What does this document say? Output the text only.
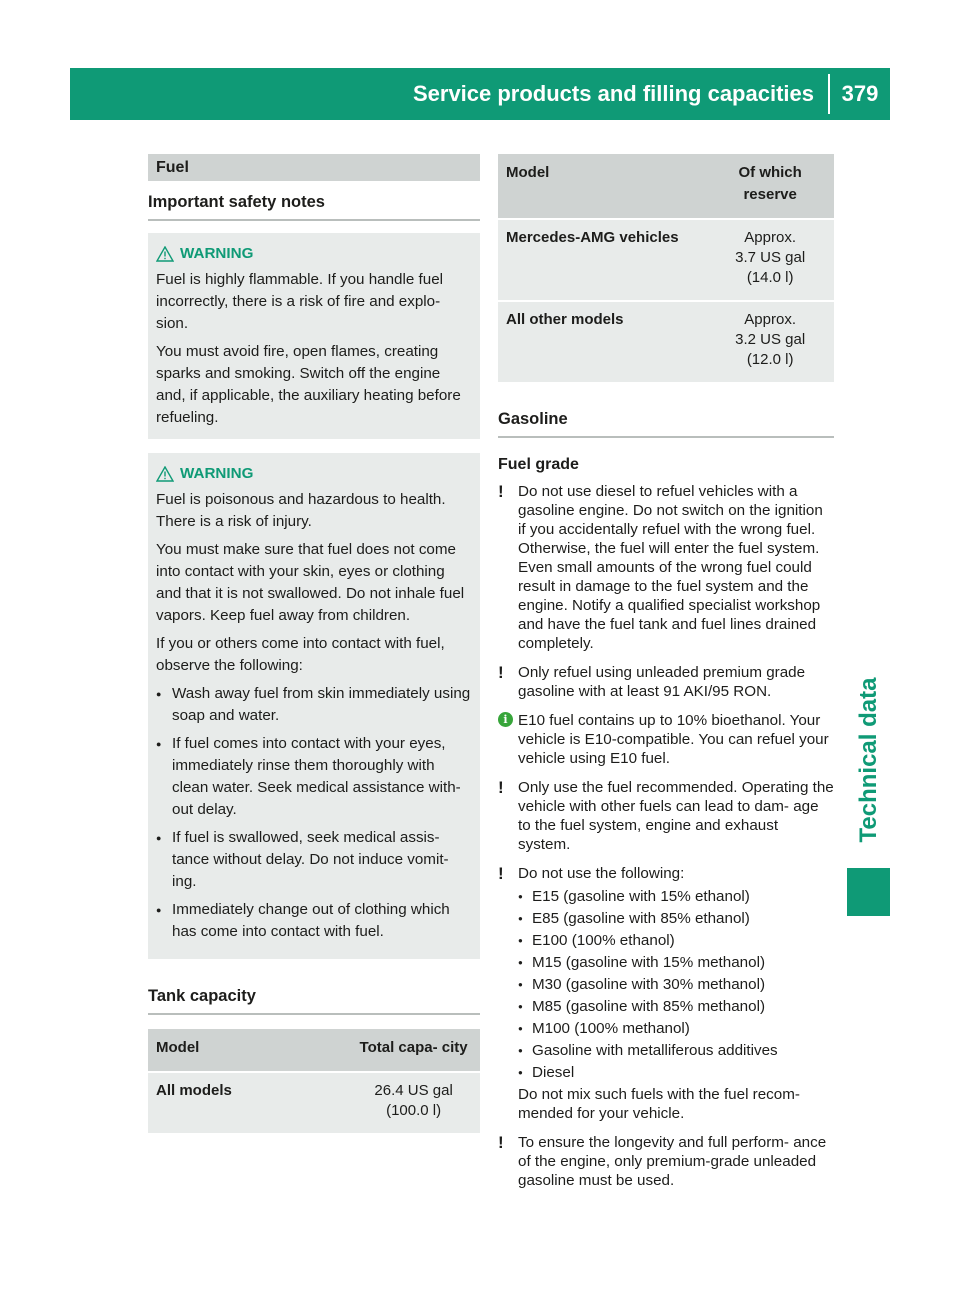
Service products and filling capacities	379
Technical data
Fuel
Important safety notes
WARNING

Fuel is highly flammable. If you handle fuel incorrectly, there is a risk of fire and explo- sion.

You must avoid fire, open flames, creating sparks and smoking. Switch off the engine and, if applicable, the auxiliary heating before refueling.

WARNING

Fuel is poisonous and hazardous to health. There is a risk of injury.

You must make sure that fuel does not come into contact with your skin, eyes or clothing and that it is not swallowed. Do not inhale fuel vapors. Keep fuel away from children.

If you or others come into contact with fuel, observe the following:

● Wash away fuel from skin immediately using soap and water.
● If fuel comes into contact with your eyes, immediately rinse them thoroughly with clean water. Seek medical assistance with- out delay.
● If fuel is swallowed, seek medical assis- tance without delay. Do not induce vomit- ing.
● Immediately change out of clothing which has come into contact with fuel.
Tank capacity
Model	Total capa- city
All models	26.4 US gal
(100.0 l)
Model	Of which reserve
Mercedes-AMG vehicles	Approx.
3.7 US gal
(14.0 l)

All other models	Approx.
3.2 US gal
(12.0 l)
Gasoline
Fuel grade
! Do not use diesel to refuel vehicles with a gasoline engine. Do not switch on the ignition if you accidentally refuel with the wrong fuel. Otherwise, the fuel will enter the fuel system. Even small amounts of the wrong fuel could result in damage to the fuel system and the engine. Notify a qualified specialist workshop and have the fuel tank and fuel lines drained completely.
! Only refuel using unleaded premium grade gasoline with at least 91 AKI/95 RON.
i E10 fuel contains up to 10% bioethanol. Your vehicle is E10-compatible. You can refuel your vehicle using E10 fuel.
! Only use the fuel recommended. Operating the vehicle with other fuels can lead to dam- age to the fuel system, engine and exhaust system.
! Do not use the following:
● E15 (gasoline with 15% ethanol)
● E85 (gasoline with 85% ethanol)
● E100 (100% ethanol)
● M15 (gasoline with 15% methanol)
● M30 (gasoline with 30% methanol)
● M85 (gasoline with 85% methanol)
● M100 (100% methanol)
● Gasoline with metalliferous additives
● Diesel
Do not mix such fuels with the fuel recom- mended for your vehicle.
! To ensure the longevity and full perform- ance of the engine, only premium-grade unleaded gasoline must be used.
